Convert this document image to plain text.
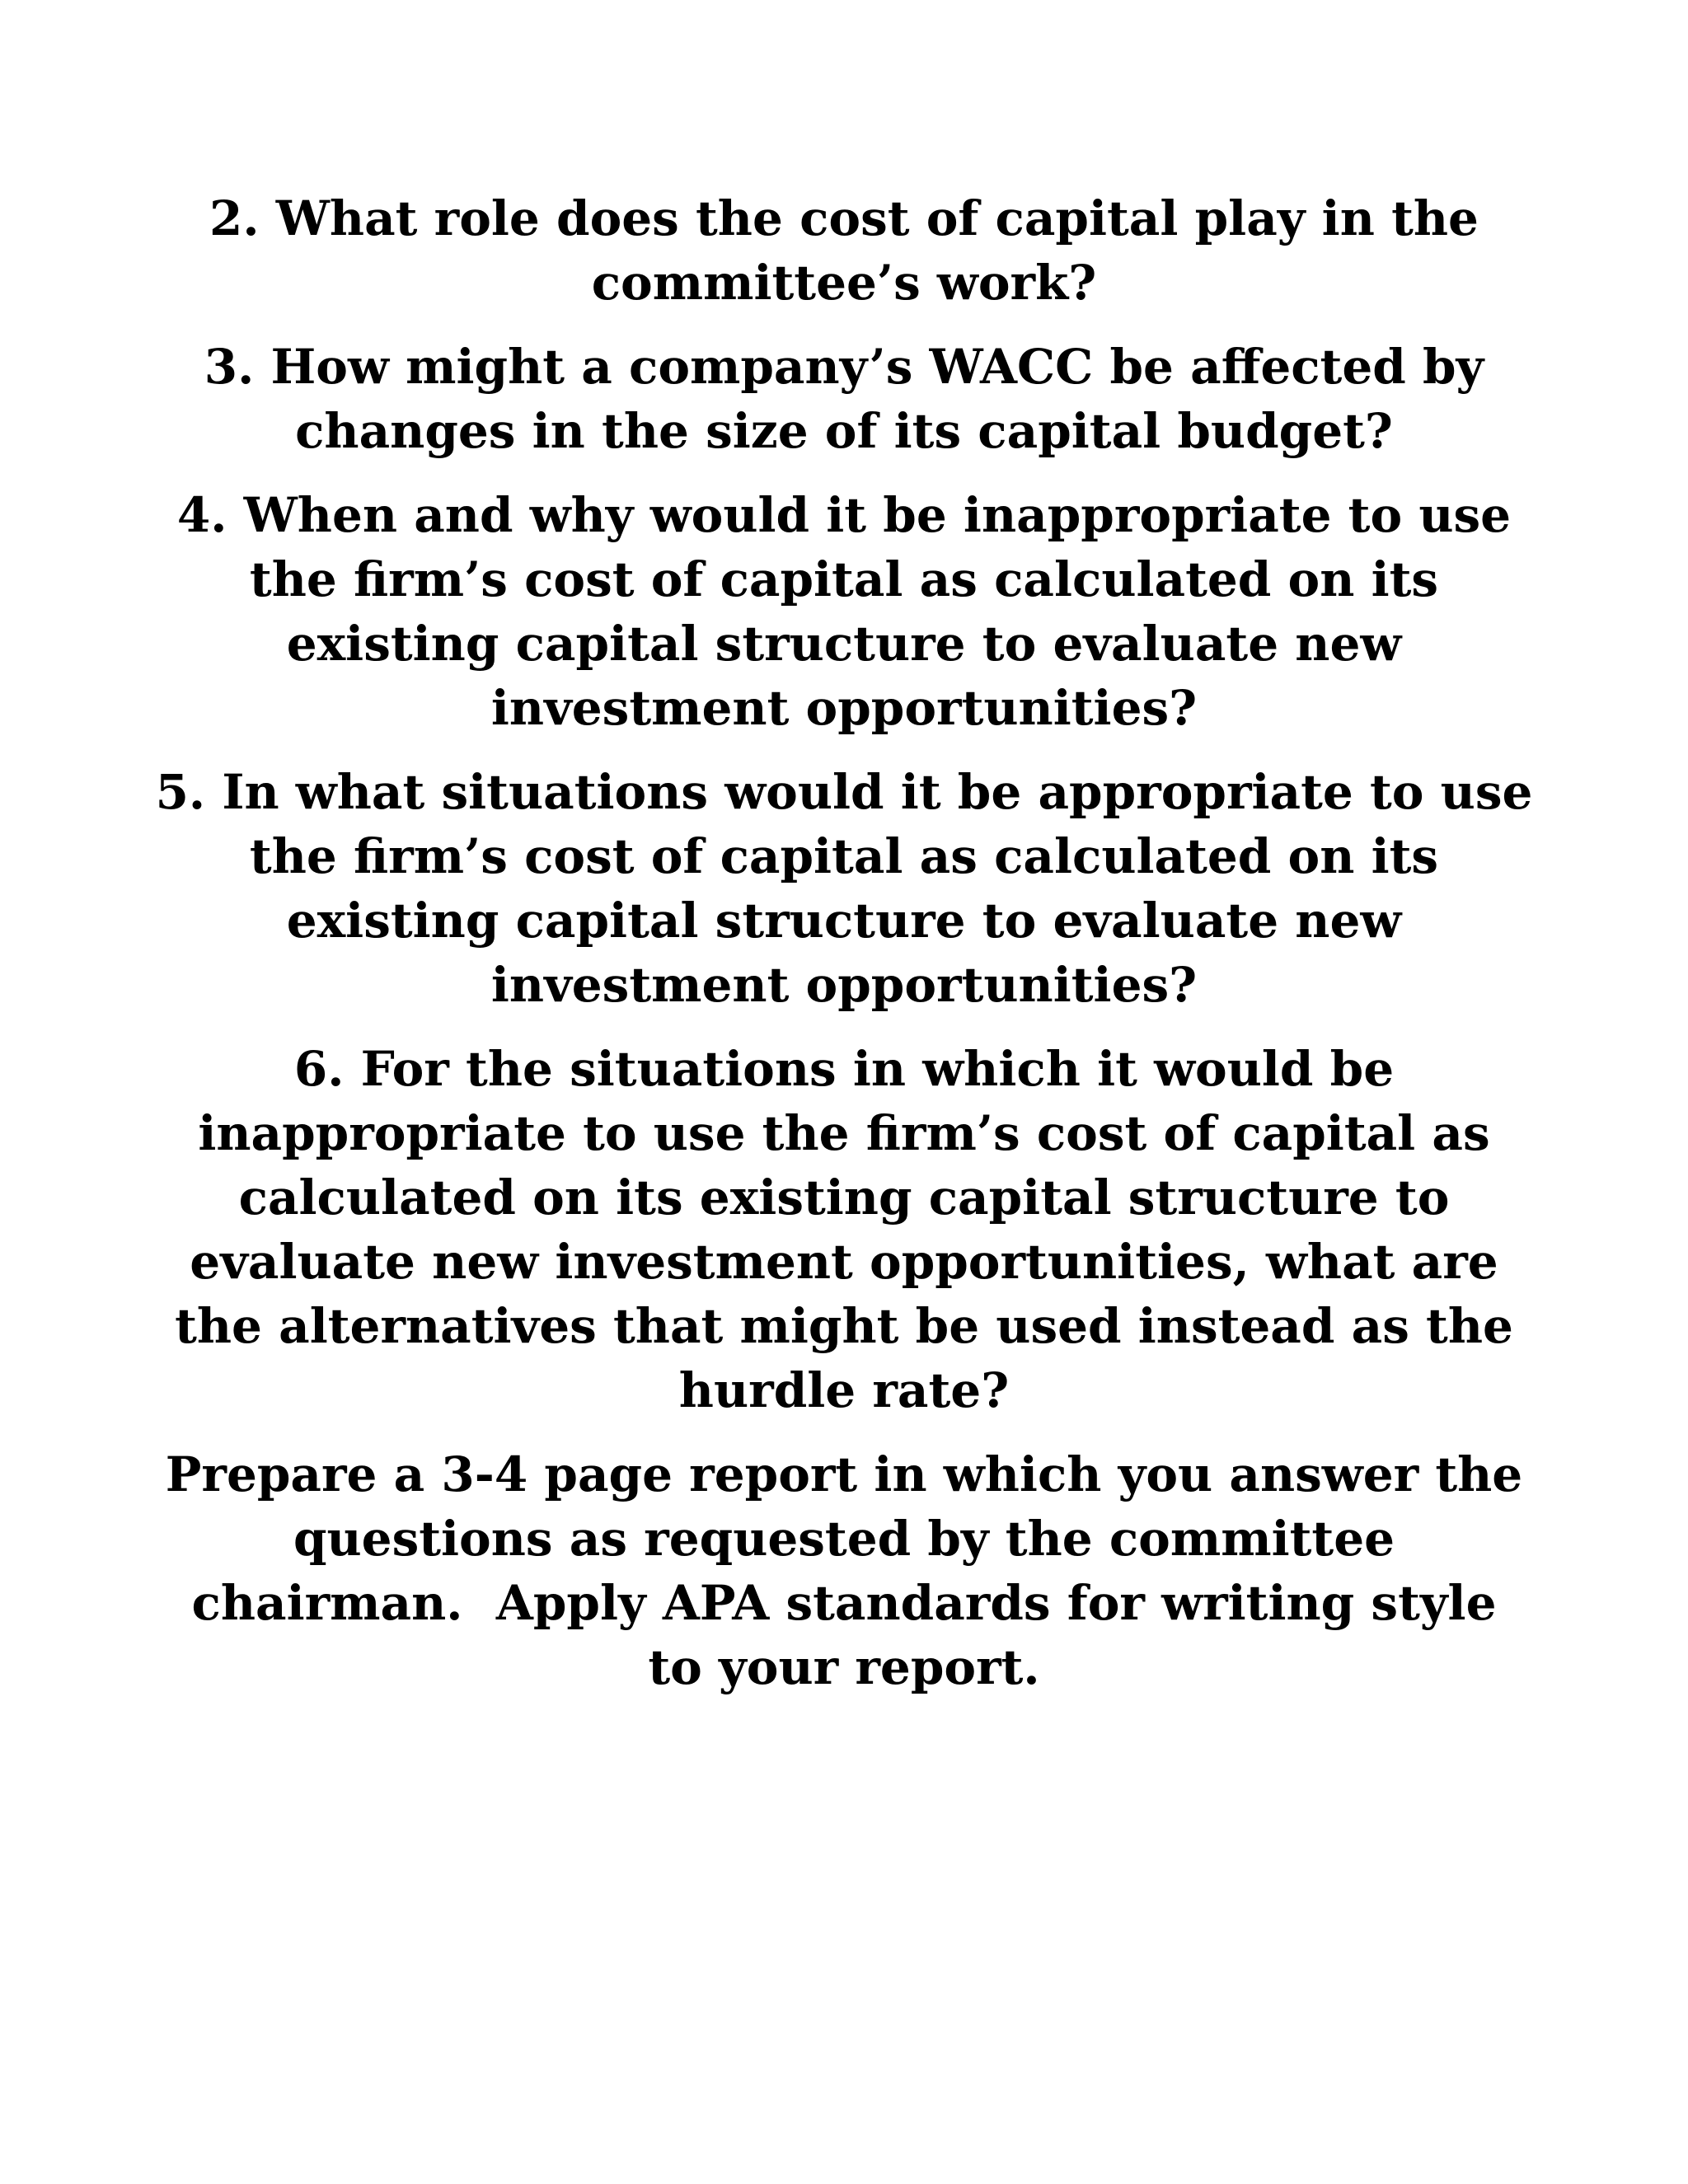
2. What role does the cost of capital play in the
committee’s work?

3. How might a company’s WACC be affected by
changes in the size of its capital budget?

4. When and why would it be inappropriate to use
the firm’s cost of capital as calculated on its
existing capital structure to evaluate new
investment opportunities?

5. In what situations would it be appropriate to use
the firm’s cost of capital as calculated on its
existing capital structure to evaluate new
investment opportunities?

6. For the situations in which it would be
inappropriate to use the firm’s cost of capital as
calculated on its existing capital structure to
evaluate new investment opportunities, what are
the alternatives that might be used instead as the
hurdle rate?

Prepare a 3-4 page report in which you answer the
questions as requested by the committee
chairman.  Apply APA standards for writing style
to your report.
